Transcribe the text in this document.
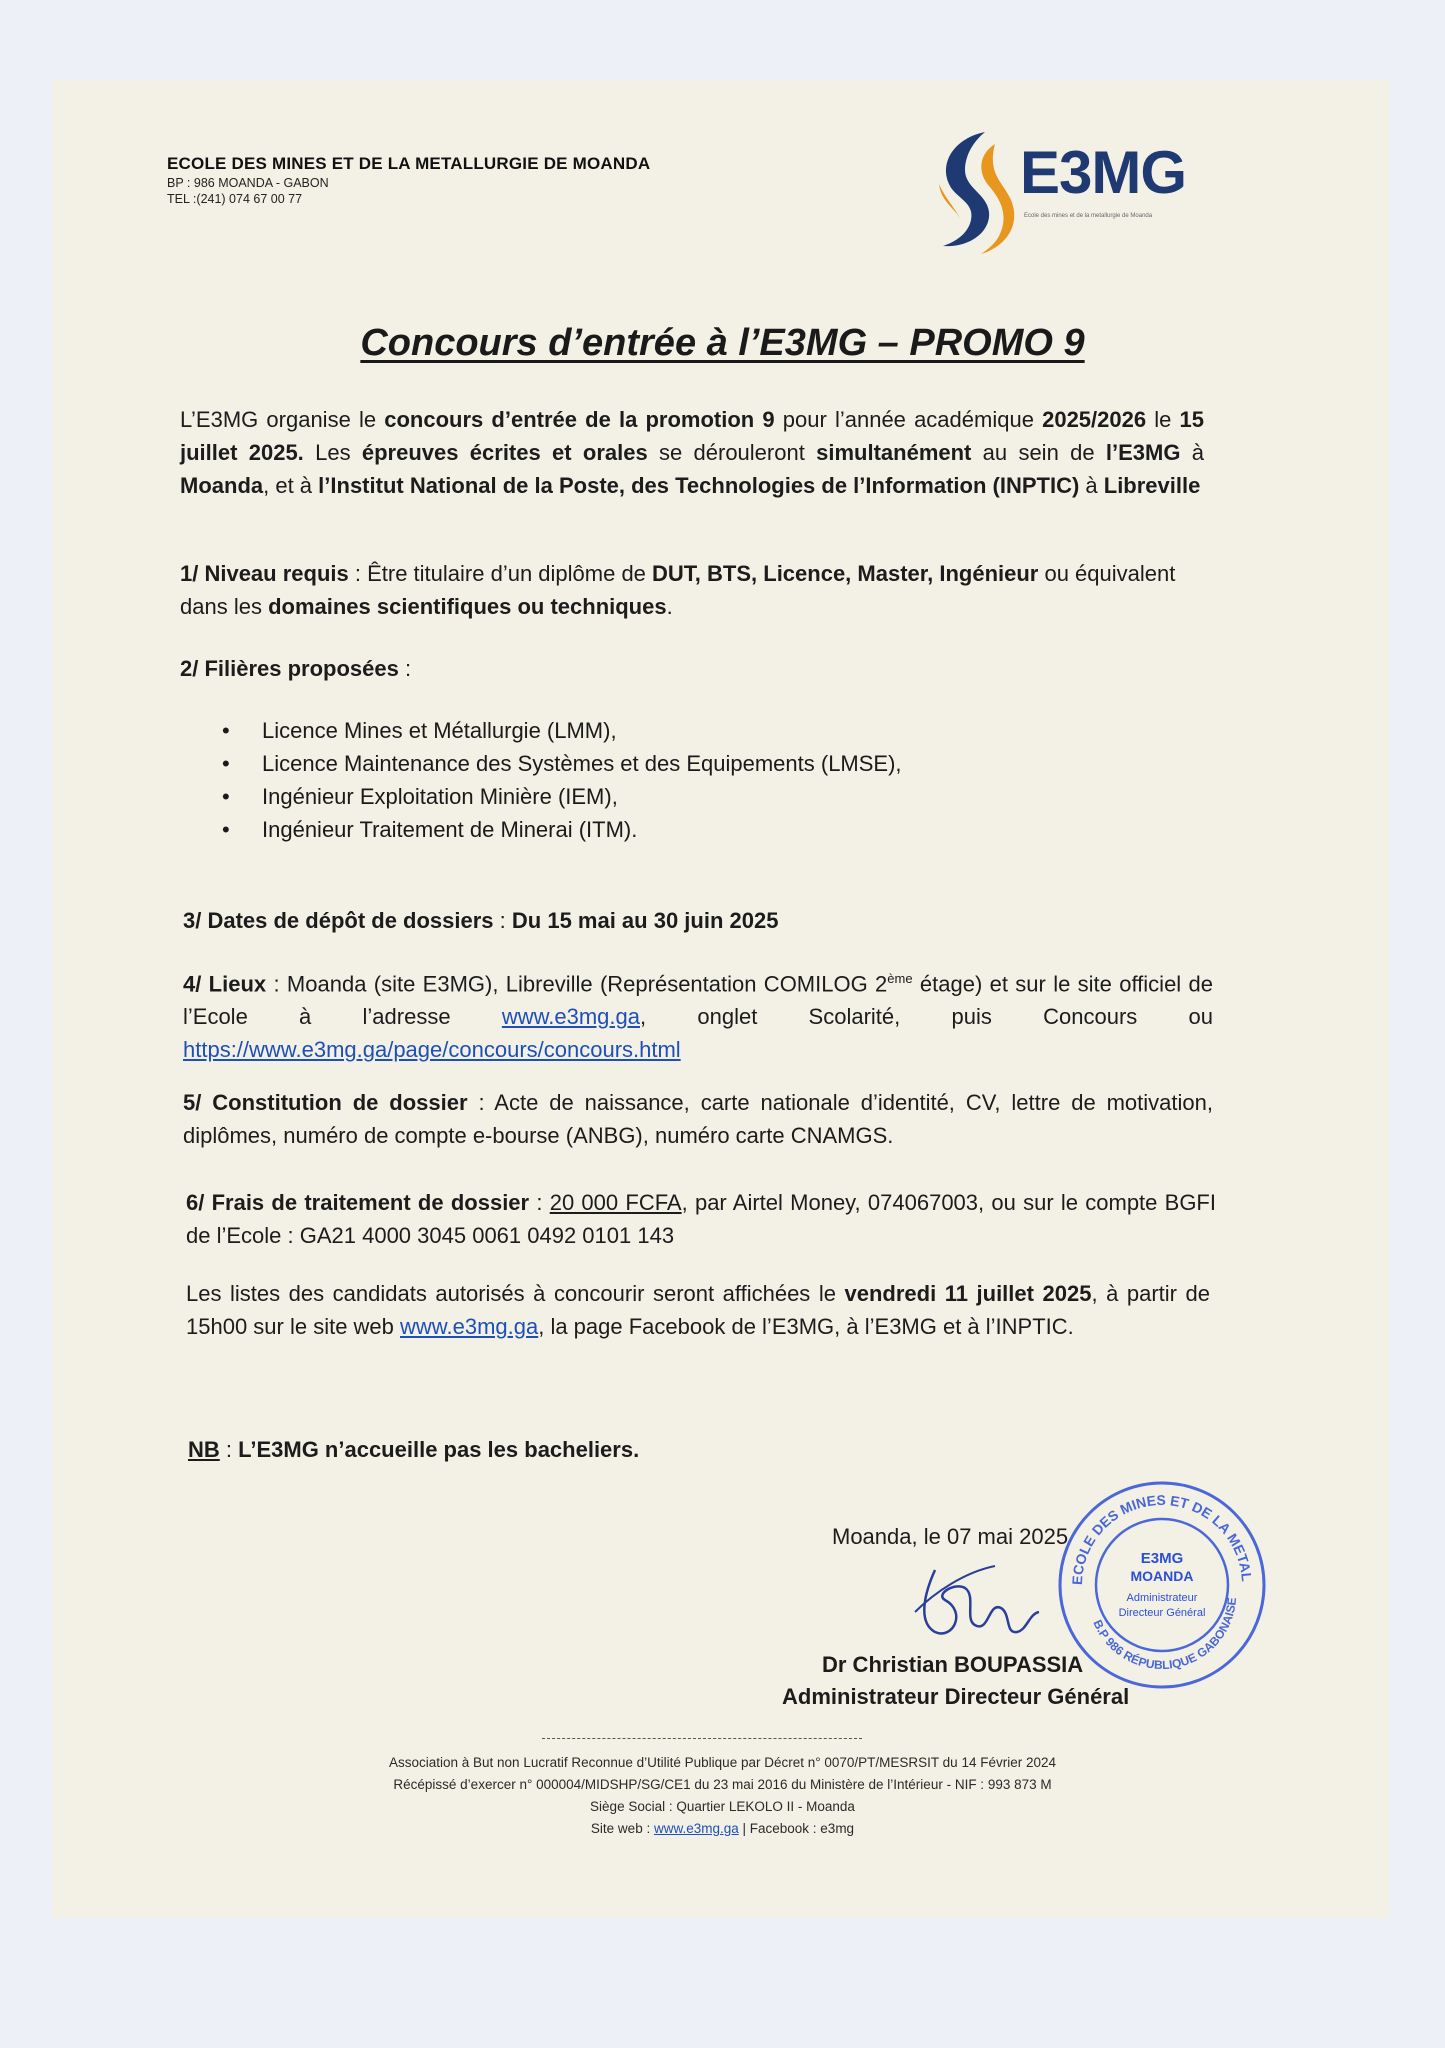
ECOLE DES MINES ET DE LA METALLURGIE DE MOANDA
BP : 986 MOANDA - GABON
TEL :(241) 074 67 00 77	E3MG
Ecole des mines et de la metallurgie de Moanda
Concours d’entrée à l’E3MG – PROMO 9
L’E3MG organise le concours d’entrée de la promotion 9 pour l’année académique 2025/2026 le 15 juillet 2025. Les épreuves écrites et orales se dérouleront simultanément au sein de l’E3MG à Moanda, et à l’Institut National de la Poste, des Technologies de l’Information (INPTIC) à Libreville
1/ Niveau requis : Être titulaire d’un diplôme de DUT, BTS, Licence, Master, Ingénieur ou équivalent dans les domaines scientifiques ou techniques.
2/ Filières proposées :
• Licence Mines et Métallurgie (LMM),
• Licence Maintenance des Systèmes et des Equipements (LMSE),
• Ingénieur Exploitation Minière (IEM),
• Ingénieur Traitement de Minerai (ITM).
3/ Dates de dépôt de dossiers : Du 15 mai au 30 juin 2025
4/ Lieux : Moanda (site E3MG), Libreville (Représentation COMILOG 2ème étage) et sur le site officiel de l’Ecole à l’adresse www.e3mg.ga, onglet Scolarité, puis Concours ou https://www.e3mg.ga/page/concours/concours.html
5/ Constitution de dossier : Acte de naissance, carte nationale d’identité, CV, lettre de motivation, diplômes, numéro de compte e-bourse (ANBG), numéro carte CNAMGS.
6/ Frais de traitement de dossier : 20 000 FCFA, par Airtel Money, 074067003, ou sur le compte BGFI de l’Ecole : GA21 4000 3045 0061 0492 0101 143
Les listes des candidats autorisés à concourir seront affichées le vendredi 11 juillet 2025, à partir de 15h00 sur le site web www.e3mg.ga, la page Facebook de l’E3MG, à l’E3MG et à l’INPTIC.
NB : L’E3MG n’accueille pas les bacheliers.
Moanda, le 07 mai 2025
Dr Christian BOUPASSIA
Administrateur Directeur Général
ECOLE DES MINES ET DE LA METAL
B.P 986 RÉPUBLIQUE GABONAISE
E3MG
MOANDA
Administrateur
Directeur Général
Association à But non Lucratif Reconnue d’Utilité Publique par Décret n° 0070/PT/MESRSIT du 14 Février 2024
Récépissé d’exercer n° 000004/MIDSHP/SG/CE1 du 23 mai 2016 du Ministère de l’Intérieur - NIF : 993 873 M
Siège Social : Quartier LEKOLO II - Moanda
Site web : www.e3mg.ga | Facebook : e3mg
